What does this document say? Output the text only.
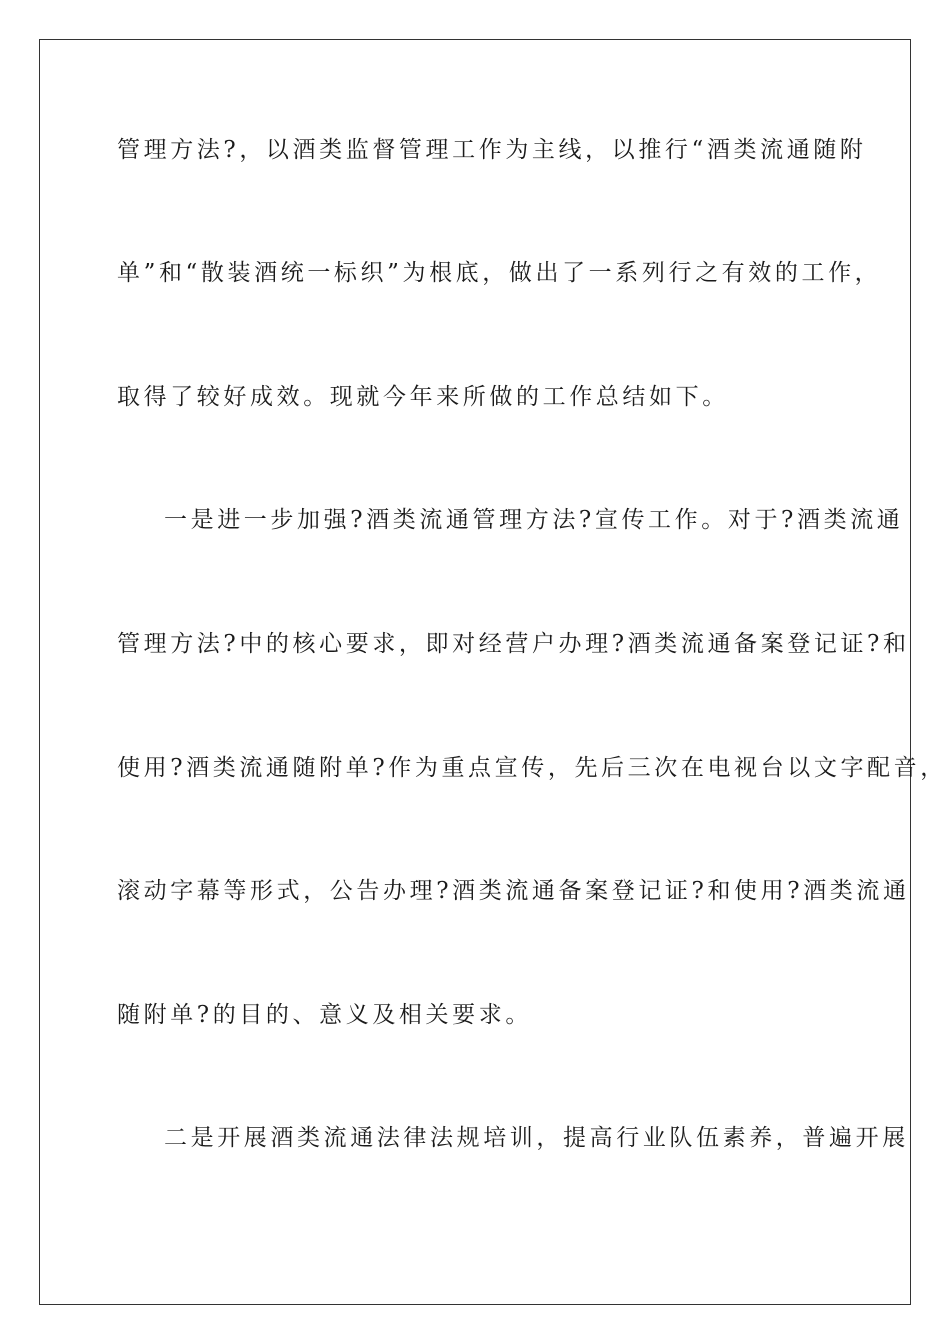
管理方法?，以酒类监督管理工作为主线，以推行“酒类流通随附
单”和“散装酒统一标织”为根底，做出了一系列行之有效的工作，
取得了较好成效。现就今年来所做的工作总结如下。
一是进一步加强?酒类流通管理方法?宣传工作。对于?酒类流通
管理方法?中的核心要求，即对经营户办理?酒类流通备案登记证?和
使用?酒类流通随附单?作为重点宣传，先后三次在电视台以文字配音，
滚动字幕等形式，公告办理?酒类流通备案登记证?和使用?酒类流通
随附单?的目的、意义及相关要求。
二是开展酒类流通法律法规培训，提高行业队伍素养，普遍开展
